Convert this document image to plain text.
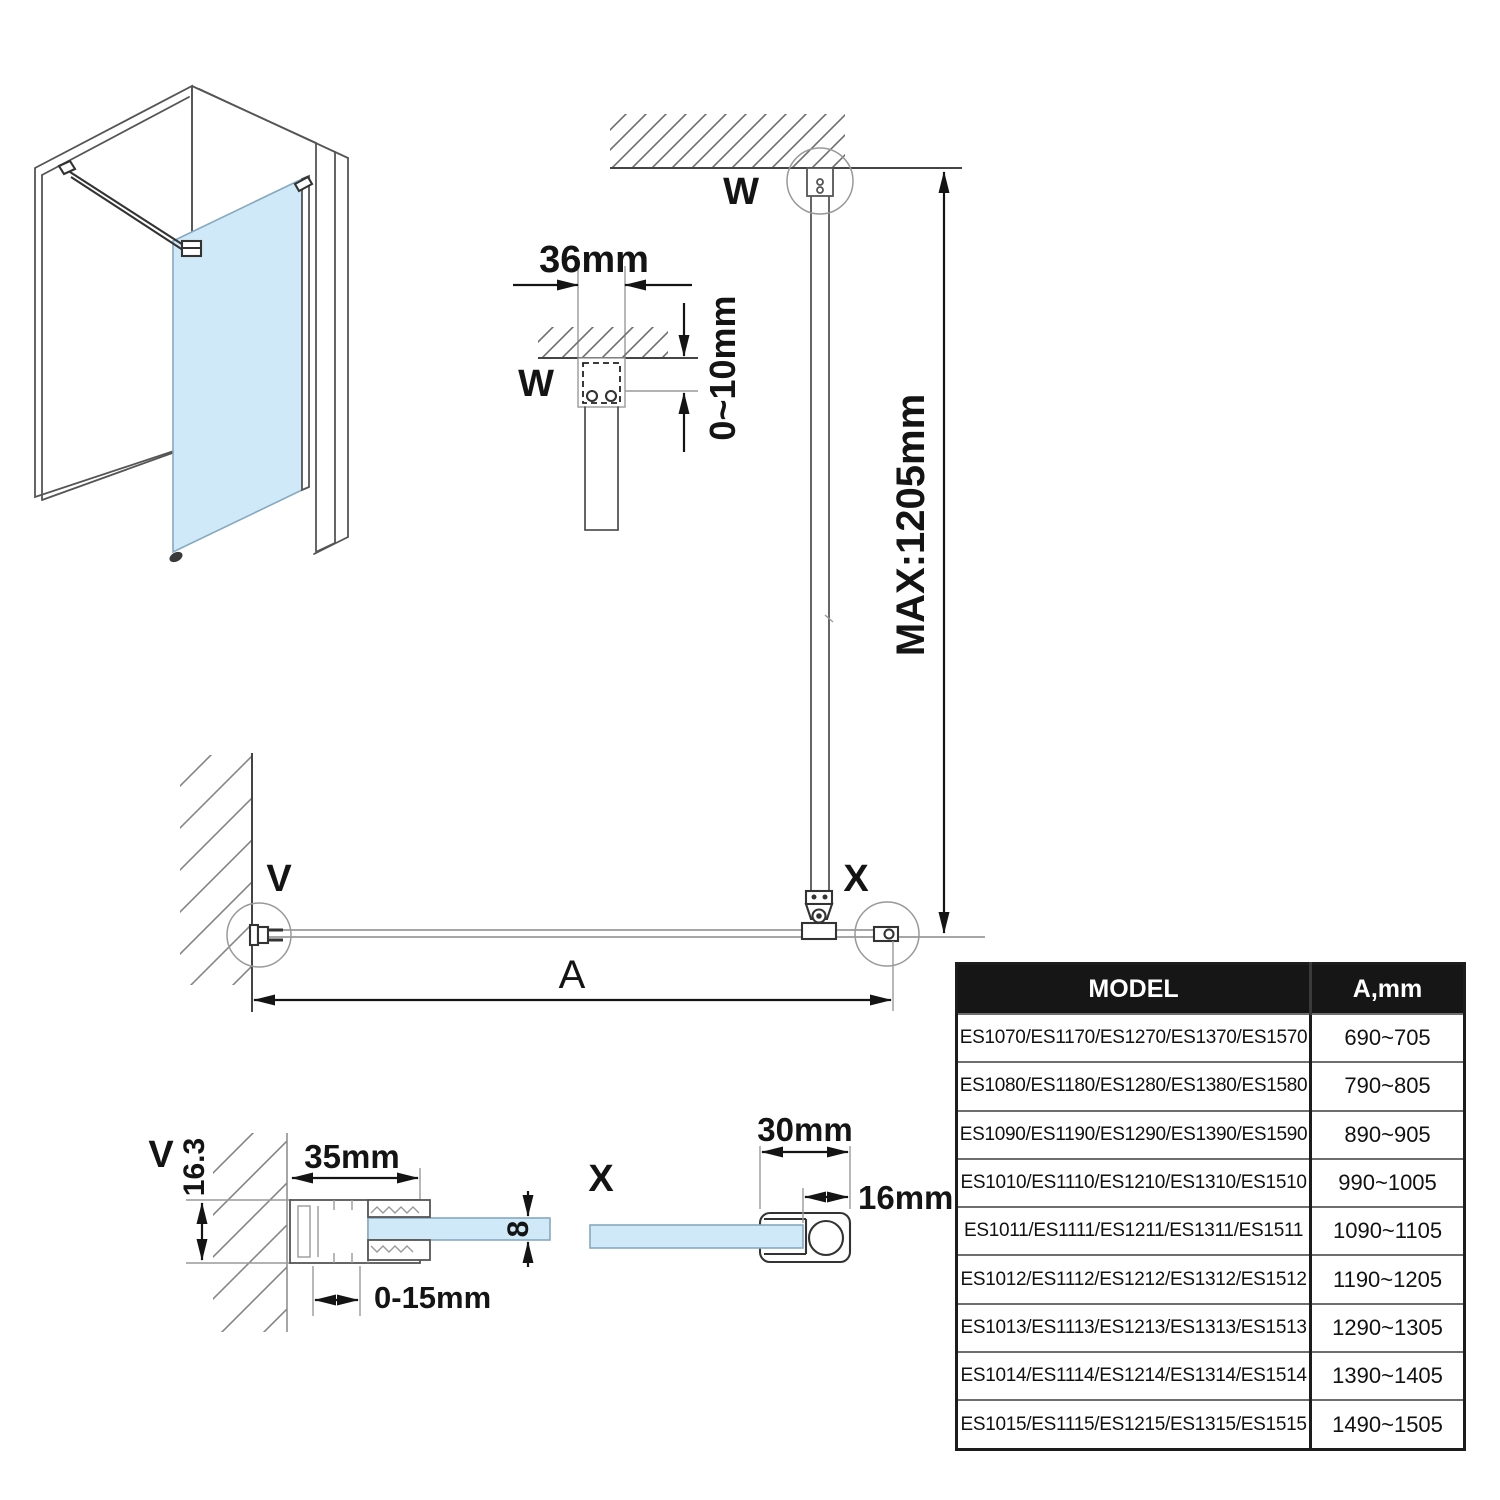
36mm
0~10mm
W
W
MAX:1205mm
X
V
A
V 16.3	35mm
0-15mm
8
X
30mm
16mm
MODEL	A,mm
ES1070/ES1170/ES1270/ES1370/ES1570	690~705
ES1080/ES1180/ES1280/ES1380/ES1580	790~805
ES1090/ES1190/ES1290/ES1390/ES1590	890~905
ES1010/ES1110/ES1210/ES1310/ES1510	990~1005
ES1011/ES1111/ES1211/ES1311/ES1511	1090~1105
ES1012/ES1112/ES1212/ES1312/ES1512	1190~1205
ES1013/ES1113/ES1213/ES1313/ES1513	1290~1305
ES1014/ES1114/ES1214/ES1314/ES1514	1390~1405
ES1015/ES1115/ES1215/ES1315/ES1515	1490~1505
